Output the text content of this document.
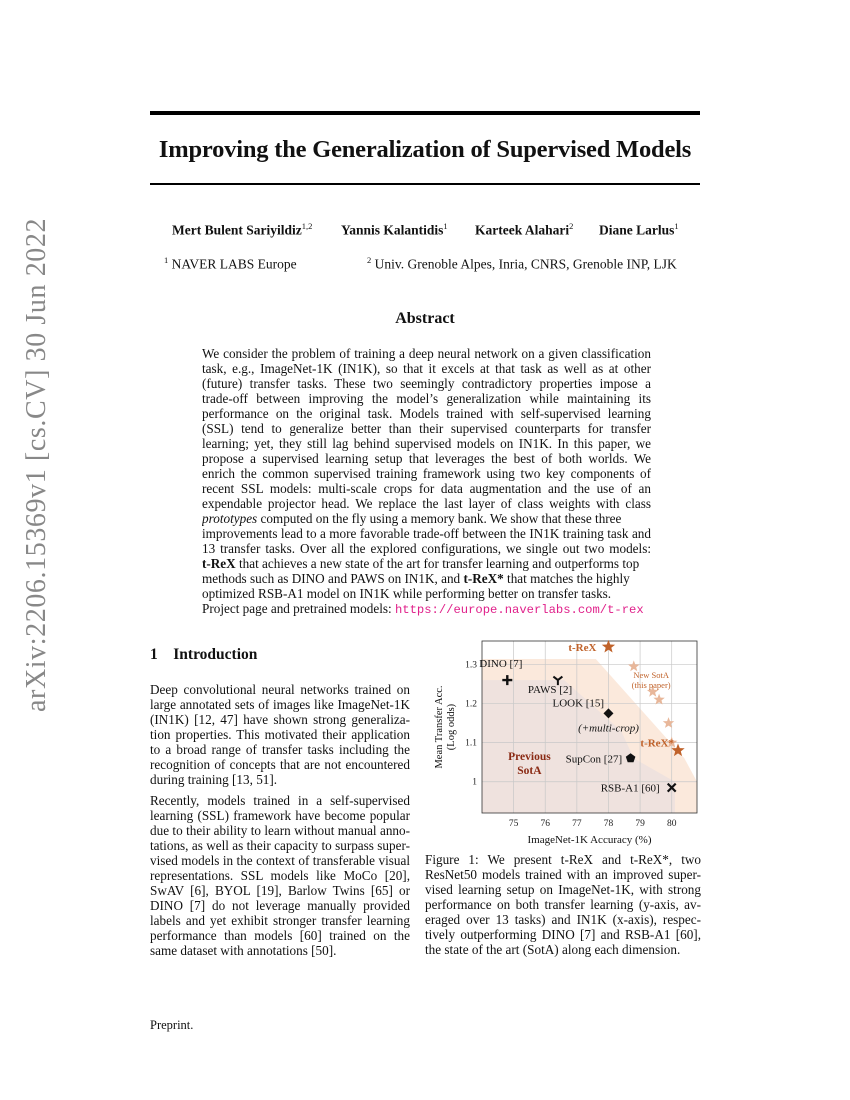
arXiv:2206.15369v1 [cs.CV] 30 Jun 2022
Improving the Generalization of Supervised Models
Mert Bulent Sariyildiz$^{1,2}$ Yannis Kalantidis$^1$ Karteek Alahari$^2$ Diane Larlus$^1$
$^1$ NAVER LABS Europe	$^2$ Univ. Grenoble Alpes, Inria, CNRS, Grenoble INP, LJK
Abstract
We consider the problem of training a deep neural network on a given classification
task, e.g., ImageNet-1K (IN1K), so that it excels at that task as well as at other
(future) transfer tasks. These two seemingly contradictory properties impose a
trade-off between improving the model’s generalization while maintaining its
performance on the original task. Models trained with self-supervised learning
(SSL) tend to generalize better than their supervised counterparts for transfer
learning; yet, they still lag behind supervised models on IN1K. In this paper, we
propose a supervised learning setup that leverages the best of both worlds. We
enrich the common supervised training framework using two key components of
recent SSL models: multi-scale crops for data augmentation and the use of an
expendable projector head. We replace the last layer of class weights with class
prototypes computed on the fly using a memory bank. We show that these three
improvements lead to a more favorable trade-off between the IN1K training task and
13 transfer tasks. Over all the explored configurations, we single out two models:
t-ReX that achieves a new state of the art for transfer learning and outperforms top
methods such as DINO and PAWS on IN1K, and t-ReX* that matches the highly
optimized RSB-A1 model on IN1K while performing better on transfer tasks.
Project page and pretrained models: https://europe.naverlabs.com/t-rex
1 Introduction
Deep convolutional neural networks trained on
large annotated sets of images like ImageNet-1K
(IN1K) [12, 47] have shown strong generaliza-
tion properties. This motivated their application
to a broad range of transfer tasks including the
recognition of concepts that are not encountered
during training [13, 51].
Recently, models trained in a self-supervised
learning (SSL) framework have become popular
due to their ability to learn without manual anno-
tations, as well as their capacity to surpass super-
vised models in the context of transferable visual
representations. SSL models like MoCo [20],
SwAV [6], BYOL [19], Barlow Twins [65] or
DINO [7] do not leverage manually provided
labels and yet exhibit stronger transfer learning
performance than models [60] trained on the
same dataset with annotations [50].
75 76 77 78 79 80
1
1.1
1.2
1.3
ImageNet-1K Accuracy (%)
Mean Transfer Acc. (Log odds)
DINO [7]
PAWS [2]
LOOK [15]
SupCon [27]
RSB-A1 [60]
t-ReX
t-ReX*
(+multi-crop)
New SotA
(this paper)
Previous
SotA
Figure 1: We present t-ReX and t-ReX*, two
ResNet50 models trained with an improved super-
vised learning setup on ImageNet-1K, with strong
performance on both transfer learning (y-axis, av-
eraged over 13 tasks) and IN1K (x-axis), respec-
tively outperforming DINO [7] and RSB-A1 [60],
the state of the art (SotA) along each dimension.
Preprint.
